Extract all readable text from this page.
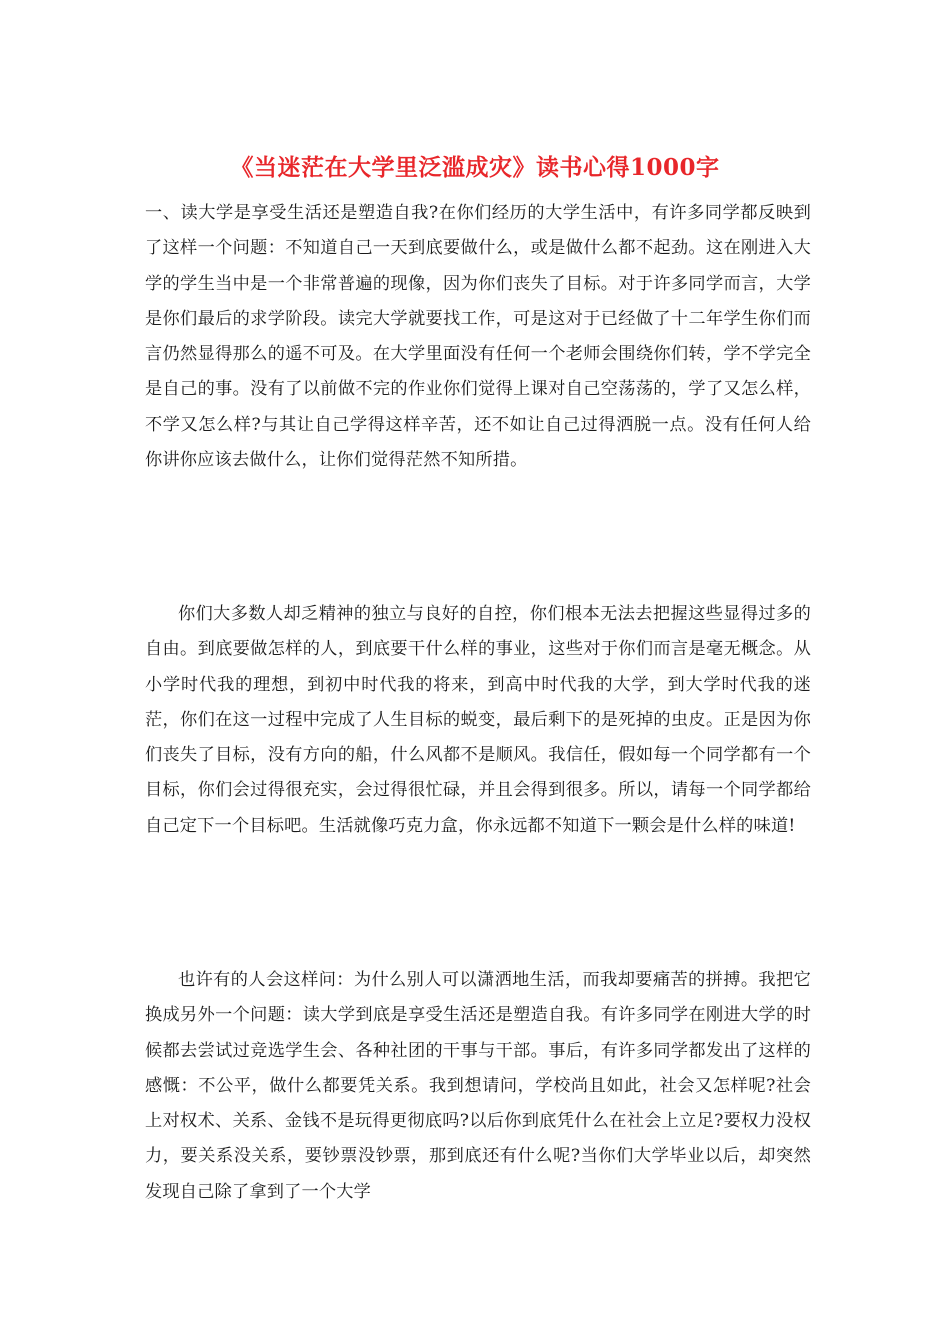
《当迷茫在大学里泛滥成灾》读书心得1000字
一、读大学是享受生活还是塑造自我?在你们经历的大学生活中，有许多同学都反映到了这样一个问题：不知道自己一天到底要做什么，或是做什么都不起劲。这在刚进入大学的学生当中是一个非常普遍的现像，因为你们丧失了目标。对于许多同学而言，大学是你们最后的求学阶段。读完大学就要找工作，可是这对于已经做了十二年学生你们而言仍然显得那么的遥不可及。在大学里面没有任何一个老师会围绕你们转，学不学完全是自己的事。没有了以前做不完的作业你们觉得上课对自己空荡荡的，学了又怎么样，不学又怎么样?与其让自己学得这样辛苦，还不如让自己过得洒脱一点。没有任何人给你讲你应该去做什么，让你们觉得茫然不知所措。
你们大多数人却乏精神的独立与良好的自控，你们根本无法去把握这些显得过多的自由。到底要做怎样的人，到底要干什么样的事业，这些对于你们而言是毫无概念。从小学时代我的理想，到初中时代我的将来，到高中时代我的大学，到大学时代我的迷茫，你们在这一过程中完成了人生目标的蜕变，最后剩下的是死掉的虫皮。正是因为你们丧失了目标，没有方向的船，什么风都不是顺风。我信任，假如每一个同学都有一个目标，你们会过得很充实，会过得很忙碌，并且会得到很多。所以，请每一个同学都给自己定下一个目标吧。生活就像巧克力盒，你永远都不知道下一颗会是什么样的味道!
也许有的人会这样问：为什么别人可以潇洒地生活，而我却要痛苦的拼搏。我把它换成另外一个问题：读大学到底是享受生活还是塑造自我。有许多同学在刚进大学的时候都去尝试过竞选学生会、各种社团的干事与干部。事后，有许多同学都发出了这样的感慨：不公平，做什么都要凭关系。我到想请问，学校尚且如此，社会又怎样呢?社会上对权术、关系、金钱不是玩得更彻底吗?以后你到底凭什么在社会上立足?要权力没权力，要关系没关系，要钞票没钞票，那到底还有什么呢?当你们大学毕业以后，却突然发现自己除了拿到了一个大学
